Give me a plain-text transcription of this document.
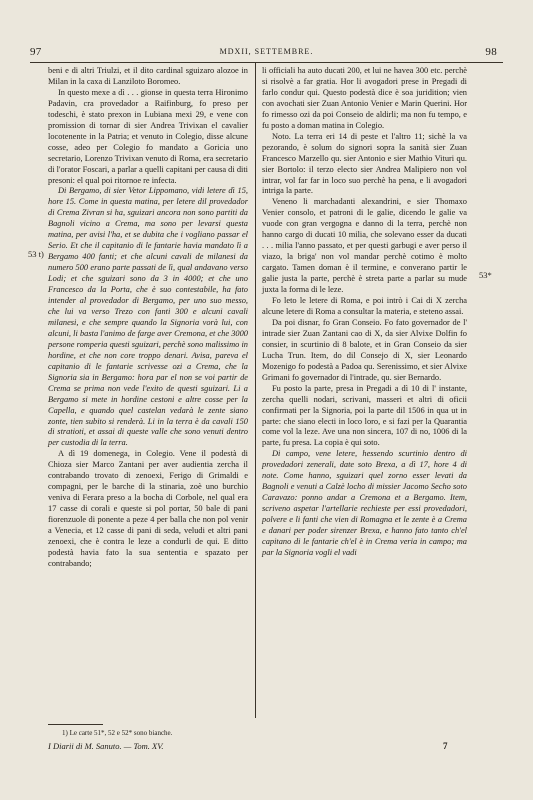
97	MDXII, SETTEMBRE.	98

beni e di altri Triulzi, et il dito cardinal sguizaro alozoe in Milan in la caxa di Lanziloto Boromeo.

In questo mexe a dì . . . gionse in questa terra Hironimo Padavin, cra provedador a Raifinburg, fo preso per todeschi, è stato prexon in Lubiana mexi 29, e vene con promission di tornar di sier Andrea Trivixan el cavalier locotenente in la Patria; et venuto in Colegio, disse alcune cosse, adeo per Colegio fo mandato a Goricia uno secretario, Lorenzo Trivixan venuto di Roma, era secretario di l'orator Foscari, a parlar a quelli capitani per causa di diti presoni: el qual poi ritornoe re infecta.

Di Bergamo, di sier Vetor Lippomano, vidi letere dì 15, hore 15. Come in questa matina, per letere dil provedador di Crema Zivran si ha, sguizari ancora non sono partiti da Bagnoli vicino a Crema, ma sono per levarsi questa matina, per avisi l'ha, et se dubita che i vogliano passar el Serio. Et che il capitanio di le fantarie havia mandato lì a Bergamo 400 fanti; et che alcuni cavali de milanesi da numero 500 erano parte passati de lì, qual andavano verso Lodi; et che sguizari sono da 3 in 4000; et che uno Francesco da la Porta, che è suo contestabile, ha fato intender al provedador di Bergamo, per uno suo messo, che lui va verso Trezo con fanti 300 e alcuni cavali milanesi, e che sempre quando la Signoria vorà lui, con alcuni, li basta l'animo de farge aver Cremona, et che 3000 persone romperia questi sguizari, perchè sono malissimo in hordine, et che non core troppo denari. Avisa, pareva el capitanio di le fantarie scrivesse ozi a Crema, che la Signoria sia in Bergamo: hora par el non se voi partir de Crema se prima non vede l'exito de questi sguizari. Li a Bergamo si mete in hordine cestoni e altre cosse per la Capella, e quando quel castelan vedarà le zente siano zonte, tien subito si renderà. Li in la terra è da cavali 150 di stratioti, et assai di queste valle che sono venuti dentro per custodia di la terra.

A dì 19 domenega, in Colegio. Vene il podestà di Chioza sier Marco Zantani per aver audientia zercha il contrabando trovato di zenoexi, Ferigo di Grimaldi e compagni, per le barche di la stinaria, zoè uno burchio veniva di Ferara preso a la bocha di Corbole, nel qual era 17 casse di corali e queste si pol portar, 50 bale di pani fiorenzuole di ponente a peze 4 per balla che non pol venir a Venecia, et 12 casse di pani di seda, veludi et altri pani zenoexi, che è contra le leze a condurli de qui. E ditto podestà havia fato la sua sententia e spazato per contrabando;

li officiali ha auto ducati 200, et lui ne havea 300 etc. perchè si risolvè a far gratia. Hor li avogadori prese in Pregadi di farlo condur qui. Questo podestà dice è soa juridition; vien con avochati sier Zuan Antonio Venier e Marin Querini. Hor fo rimesso ozi da poi Conseio de aldirli; ma non fu tempo, e fu posto a doman matina in Colegio.

Noto. La terra eri 14 di peste et l'altro 11; sichè la va pezorando, è solum do signori sopra la sanità sier Zuan Francesco Marzello qu. sier Antonio e sier Mathio Vituri qu. sier Bortolo: il terzo electo sier Andrea Malipiero non vol intrar, vol far far in loco suo perchè ha pena, e li avogadori intriga la parte.

Veneno li marchadanti alexandrini, e sier Thomaxo Venier consolo, et patroni di le galie, dicendo le galie va vuode con gran vergogna e danno di la terra, perchè non hanno cargo di ducati 10 milia, che solevano esser da ducati . . . milia l'anno passato, et per questi garbugi e aver perso il viazo, la briga' non vol mandar perchè cotimo è molto cargato. Tamen doman è il termine, e converano partir le galie justa la parte, perchè è streta parte a parlar su mude juxta la forma di le leze.

Fo leto le letere di Roma, e poi intrò i Cai di X zercha alcune letere di Roma a consultar la materia, e steteno assai.

Da poi disnar, fo Gran Conseio. Fo fato governador de l' intrade sier Zuan Zantani cao di X, da sier Alvixe Dolfin fo consier, in scurtinio di 8 balote, et in Gran Conseio da sier Lucha Trun. Item, do dil Consejo di X, sier Leonardo Mozenigo fo podestà a Padoa qu. Serenissimo, et sier Alvixe Grimani fo governador di l'intrade, qu. sier Bernardo.

Fu posto la parte, presa in Pregadi a dì 10 di l' instante, zercha quelli nodari, scrivani, masseri et altri di oficii confirmati per la Signoria, poi la parte dil 1506 in qua ut in parte: che siano electi in loco loro, e si fazi per la Quarantia come vol la leze. Ave una non sincera, 107 di no, 1006 di la parte, fu presa. La copia è qui soto.

Di campo, vene letere, hessendo scurtinio dentro di provedadori zenerali, date soto Brexa, a dì 17, hore 4 di note. Come hanno, sguizari quel zorno esser levati da Bagnoli e venuti a Calzè locho di missier Jacomo Secho soto Caravazo: ponno andar a Cremona et a Bergamo. Item, scriveno aspetar l'artellarie rechieste per essi provedadori, polvere e li fanti che vien di Romagna et le zente è a Crema e danari per poder sirenzer Brexa, e hanno fato tanto ch'el capitano di le fantarie ch'el è in Crema veria in campo; ma par la Signoria vogli el vadi

53 t)
53*
1) Le carte 51*, 52 e 52* sono bianche.
I Diarii di M. Sanuto. — Tom. XV.	7
